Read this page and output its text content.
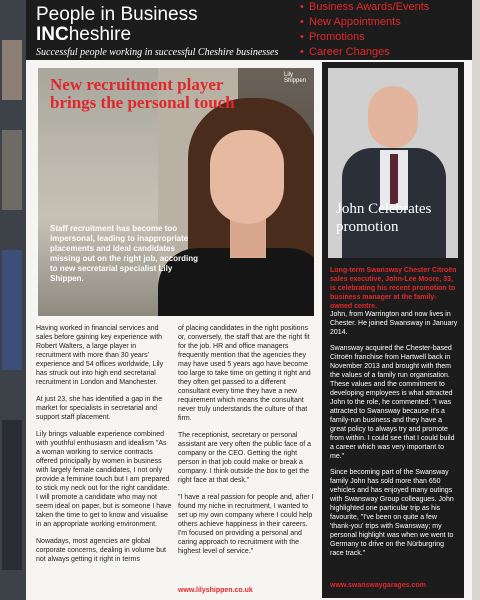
People in Business
INCheshire
Successful people working in successful Cheshire businesses
• Business Awards/Events
• New Appointments
• Promotions
• Career Changes
Lily Shippen
New recruitment player brings the personal touch
Staff recruitment has become too impersonal, leading to inappropriate placements and ideal candidates missing out on the right job, according to new secretarial specialist Lily Shippen.
John Celebrates promotion
Long-term Swansway Chester Citroën sales executive, John-Lee Moore, 33, is celebrating his recent promotion to business manager at the family-owned centre.

John, from Warrington and now lives in Chester. He joined Swansway in January 2014.

Swansway acquired the Chester-based Citroën franchise from Hartwell back in November 2013 and brought with them the values of a family run organisation. These values and the commitment to developing employees is what attracted John to the role, he commented: "I was attracted to Swansway because it's a family-run business and they have a great policy to always try and promote from within. I could see that I could build a career which was very important to me."

Since becoming part of the Swansway family John has sold more than 650 vehicles and has enjoyed many outings with Swansway Group colleagues. John highlighted one particular trip as his favourite, "I've been on quite a few 'thank-you' trips with Swansway; my personal highlight was when we went to Germany to drive on the Nürburgring race track."

www.swanswaygarages.com

Having worked in financial services and sales before gaining key experience with Robert Walters, a large player in recruitment with more than 30 years' experience and 54 offices worldwide, Lily has struck out into high end secretarial recruitment in London and Manchester.

At just 23, she has identified a gap in the market for specialists in secretarial and support staff placement.

Lily brings valuable experience combined with youthful enthusiasm and idealism "As a woman working to service contracts offered principally by women in business with largely female candidates, I not only provide a feminine touch but I am prepared to stick my neck out for the right candidate. I will promote a candidate who may not seem ideal on paper, but is someone I have taken the time to get to know and visualise in an appropriate working environment.

Nowadays, most agencies are global corporate concerns, dealing in volume but not always getting it right in terms

of placing candidates in the right positions or, conversely, the staff that are the right fit for the job. HR and office managers frequently mention that the agencies they may have used 5 years ago have become too large to take time on getting it right and they often get passed to a different consultant every time they have a new requirement which means the consultant never truly understands the culture of that firm.

The receptionist, secretary or personal assistant are very often the public face of a company or the CEO. Getting the right person in that job could make or break a company. I think outside the box to get the right face at that desk."

"I have a real passion for people and, after I found my niche in recruitment, I wanted to set up my own company where I could help others achieve happiness in their careers. I'm focused on providing a personal and caring approach to recruitment with the highest level of service."

www.lilyshippen.co.uk
